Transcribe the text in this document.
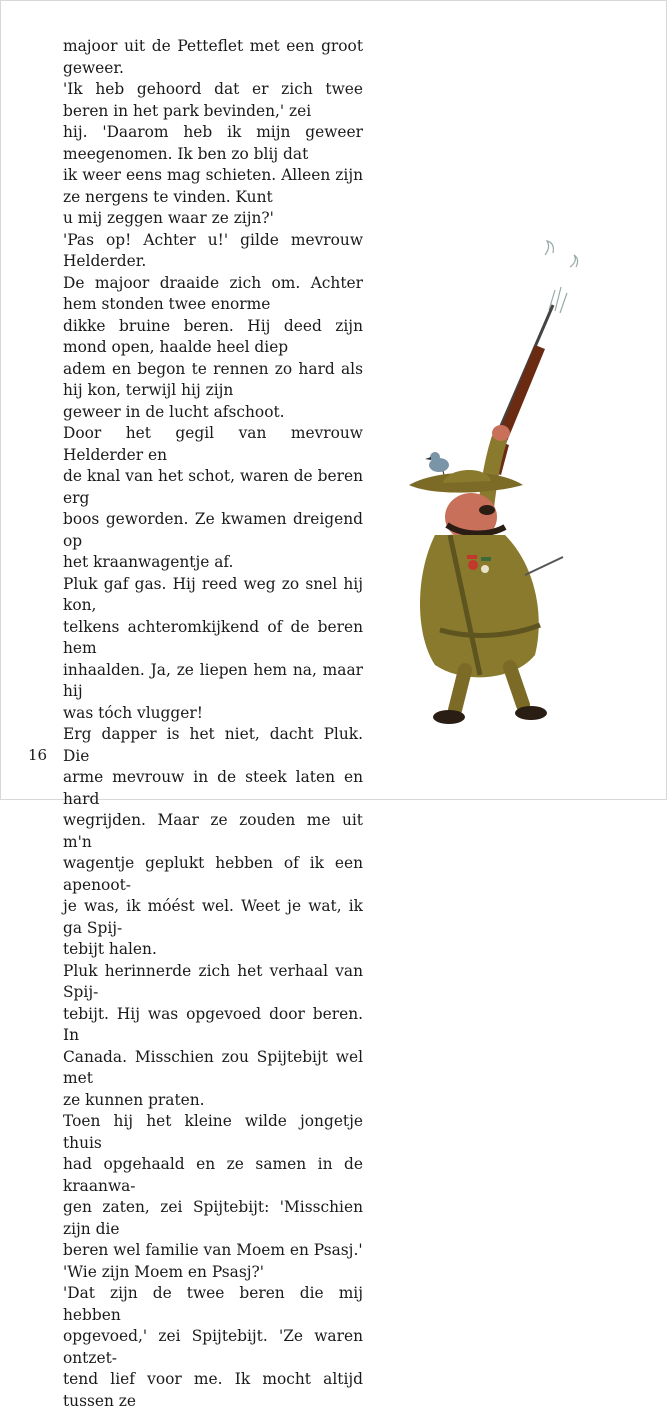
majoor uit de Petteflet met een groot geweer.

'Ik heb gehoord dat er zich twee beren in het park bevinden,' zei
hij. 'Daarom heb ik mijn geweer meegenomen. Ik ben zo blij dat
ik weer eens mag schieten. Alleen zijn ze nergens te vinden. Kunt
u mij zeggen waar ze zijn?'

'Pas op! Achter u!' gilde mevrouw Helderder.

De majoor draaide zich om. Achter hem stonden twee enorme
dikke bruine beren. Hij deed zijn mond open, haalde heel diep
adem en begon te rennen zo hard als hij kon, terwijl hij zijn
geweer in de lucht afschoot.

Door het gegil van mevrouw Helderder en
de knal van het schot, waren de beren erg
boos geworden. Ze kwamen dreigend op
het kraanwagentje af.

Pluk gaf gas. Hij reed weg zo snel hij kon,
telkens achteromkijkend of de beren hem
inhaalden. Ja, ze liepen hem na, maar hij
was tóch vlugger!

Erg dapper is het niet, dacht Pluk. Die
arme mevrouw in de steek laten en hard
wegrijden. Maar ze zouden me uit m'n
wagentje geplukt hebben of ik een apenoot-
je was, ik móést wel. Weet je wat, ik ga Spij-
tebijt halen.

Pluk herinnerde zich het verhaal van Spij-
tebijt. Hij was opgevoed door beren. In
Canada. Misschien zou Spijtebijt wel met
ze kunnen praten.

Toen hij het kleine wilde jongetje thuis
had opgehaald en ze samen in de kraanwa-
gen zaten, zei Spijtebijt: 'Misschien zijn die
beren wel familie van Moem en Psasj.'

'Wie zijn Moem en Psasj?'

'Dat zijn de twee beren die mij hebben
opgevoed,' zei Spijtebijt. 'Ze waren ontzet-
tend lief voor me. Ik mocht altijd tussen ze

16
